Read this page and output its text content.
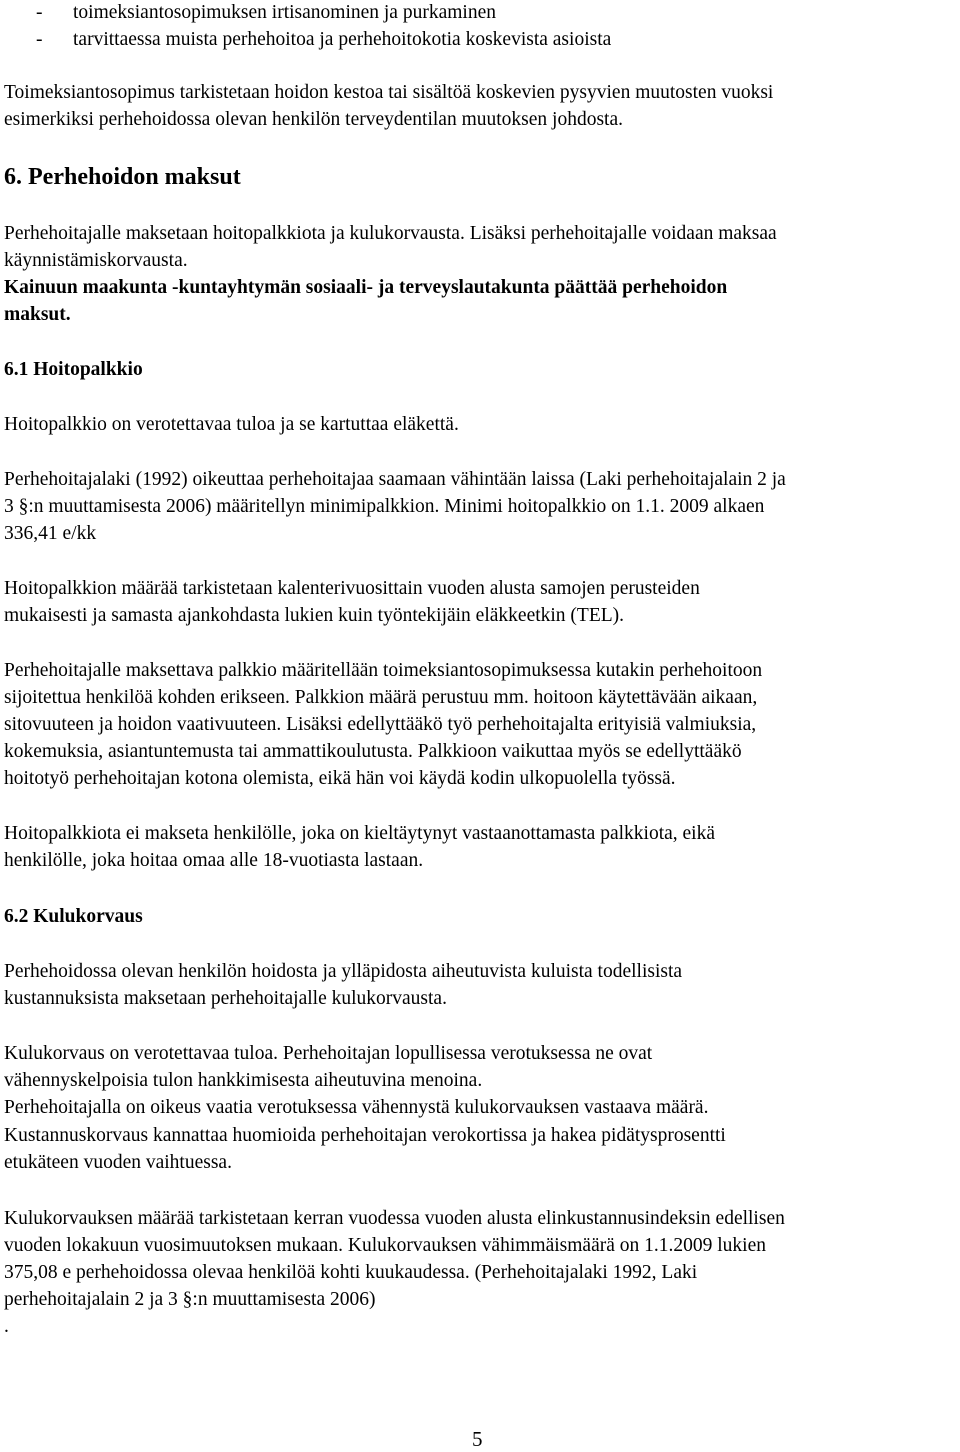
- toimeksiantosopimuksen irtisanominen ja purkaminen
- tarvittaessa muista perhehoitoa ja perhehoitokotia koskevista asioista
Toimeksiantosopimus tarkistetaan hoidon kestoa tai sisältöä koskevien pysyvien muutosten vuoksi
esimerkiksi perhehoidossa olevan henkilön terveydentilan muutoksen johdosta.
6. Perhehoidon maksut
Perhehoitajalle maksetaan hoitopalkkiota ja kulukorvausta. Lisäksi perhehoitajalle voidaan maksaa
käynnistämiskorvausta.
Kainuun maakunta -kuntayhtymän sosiaali- ja terveyslautakunta päättää perhehoidon
maksut.
6.1 Hoitopalkkio
Hoitopalkkio on verotettavaa tuloa ja se kartuttaa eläkettä.
Perhehoitajalaki (1992) oikeuttaa perhehoitajaa saamaan vähintään laissa (Laki perhehoitajalain 2 ja
3 §:n muuttamisesta 2006) määritellyn minimipalkkion. Minimi hoitopalkkio on 1.1. 2009 alkaen
336,41 e/kk
Hoitopalkkion määrää tarkistetaan kalenterivuosittain vuoden alusta samojen perusteiden
mukaisesti ja samasta ajankohdasta lukien kuin työntekijäin eläkkeetkin (TEL).
Perhehoitajalle maksettava palkkio määritellään toimeksiantosopimuksessa kutakin perhehoitoon
sijoitettua henkilöä kohden erikseen. Palkkion määrä perustuu mm. hoitoon käytettävään aikaan,
sitovuuteen ja hoidon vaativuuteen. Lisäksi edellyttääkö työ perhehoitajalta erityisiä valmiuksia,
kokemuksia, asiantuntemusta tai ammattikoulutusta. Palkkioon vaikuttaa myös se edellyttääkö
hoitotyö perhehoitajan kotona olemista, eikä hän voi käydä kodin ulkopuolella työssä.
Hoitopalkkiota ei makseta henkilölle, joka on kieltäytynyt vastaanottamasta palkkiota, eikä
henkilölle, joka hoitaa omaa alle 18-vuotiasta lastaan.
6.2 Kulukorvaus
Perhehoidossa olevan henkilön hoidosta ja ylläpidosta aiheutuvista kuluista todellisista
kustannuksista maksetaan perhehoitajalle kulukorvausta.
Kulukorvaus on verotettavaa tuloa. Perhehoitajan lopullisessa verotuksessa ne ovat
vähennyskelpoisia tulon hankkimisesta aiheutuvina menoina.
Perhehoitajalla on oikeus vaatia verotuksessa vähennystä kulukorvauksen vastaava määrä.
Kustannuskorvaus kannattaa huomioida perhehoitajan verokortissa ja hakea pidätysprosentti
etukäteen vuoden vaihtuessa.
Kulukorvauksen määrää tarkistetaan kerran vuodessa vuoden alusta elinkustannusindeksin edellisen
vuoden lokakuun vuosimuutoksen mukaan. Kulukorvauksen vähimmäismäärä on 1.1.2009 lukien
375,08 e perhehoidossa olevaa henkilöä kohti kuukaudessa. (Perhehoitajalaki 1992, Laki
perhehoitajalain 2 ja 3 §:n muuttamisesta 2006)
.
5
